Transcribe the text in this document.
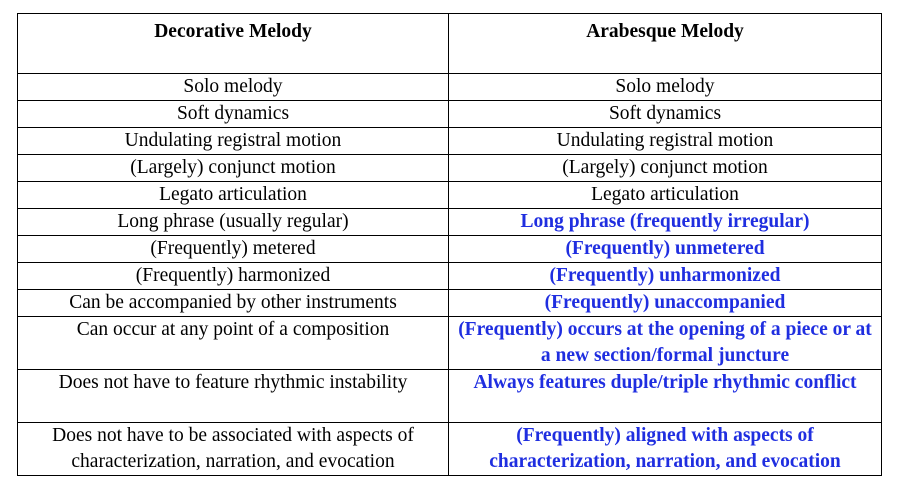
Decorative Melody	Arabesque Melody
Solo melody	Solo melody
Soft dynamics	Soft dynamics
Undulating registral motion	Undulating registral motion
(Largely) conjunct motion	(Largely) conjunct motion
Legato articulation	Legato articulation
Long phrase (usually regular)	Long phrase (frequently irregular)
(Frequently) metered	(Frequently) unmetered
(Frequently) harmonized	(Frequently) unharmonized
Can be accompanied by other instruments	(Frequently) unaccompanied
Can occur at any point of a composition	(Frequently) occurs at the opening of a piece or at a new section/formal juncture
Does not have to feature rhythmic instability	Always features duple/triple rhythmic conflict
Does not have to be associated with aspects of characterization, narration, and evocation	(Frequently) aligned with aspects of characterization, narration, and evocation
